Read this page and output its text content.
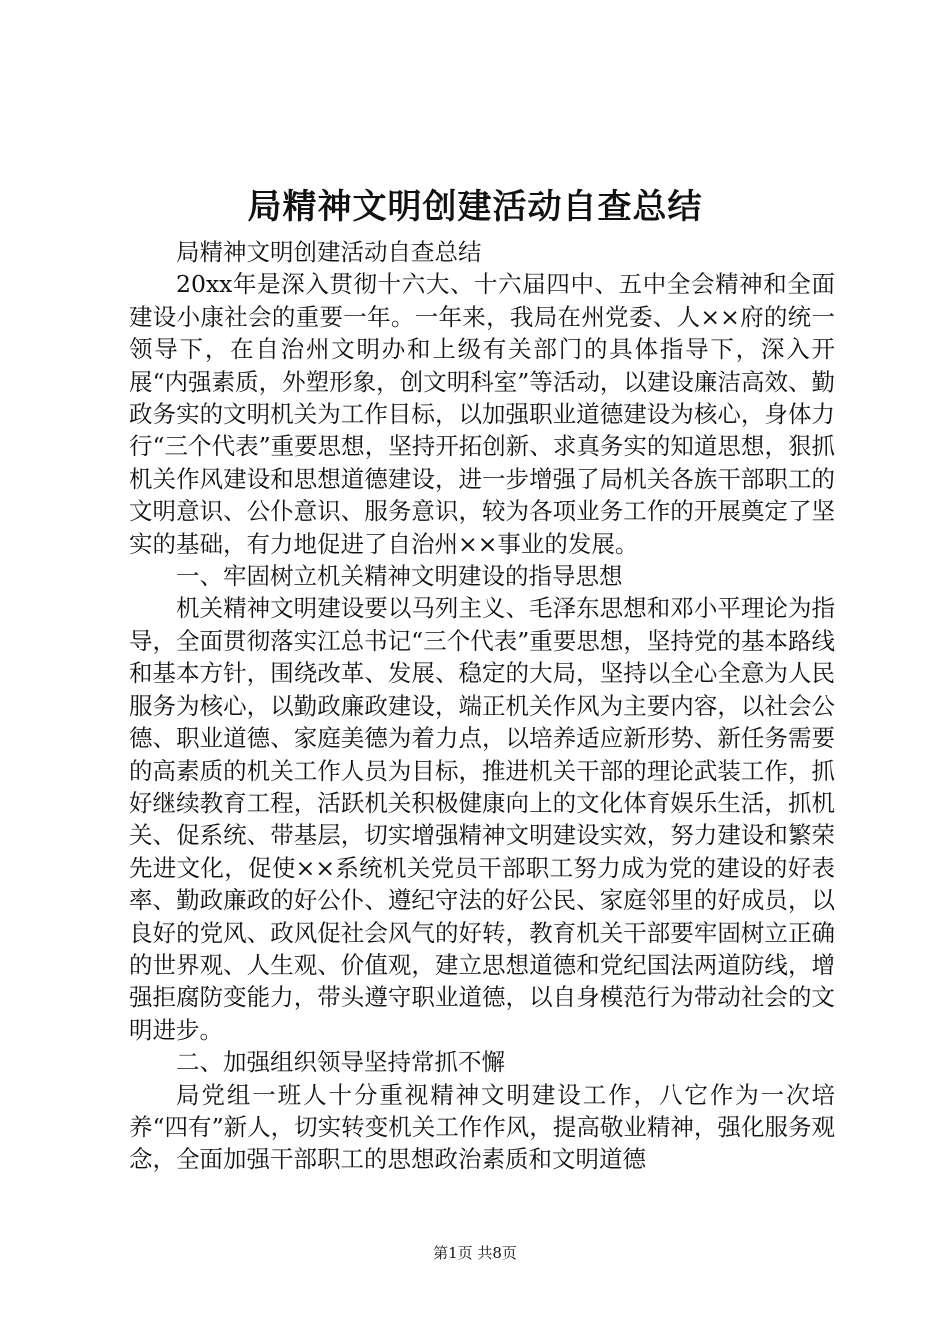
局精神文明创建活动自查总结

局精神文明创建活动自查总结

20xx年是深入贯彻十六大、十六届四中、五中全会精神和全面建设小康社会的重要一年。一年来，我局在州党委、人××府的统一领导下，在自治州文明办和上级有关部门的具体指导下，深入开展“内强素质，外塑形象，创文明科室”等活动，以建设廉洁高效、勤政务实的文明机关为工作目标，以加强职业道德建设为核心，身体力行“三个代表”重要思想，坚持开拓创新、求真务实的知道思想，狠抓机关作风建设和思想道德建设，进一步增强了局机关各族干部职工的文明意识、公仆意识、服务意识，较为各项业务工作的开展奠定了坚实的基础，有力地促进了自治州××事业的发展。

一、牢固树立机关精神文明建设的指导思想

机关精神文明建设要以马列主义、毛泽东思想和邓小平理论为指导，全面贯彻落实江总书记“三个代表”重要思想，坚持党的基本路线和基本方针，围绕改革、发展、稳定的大局，坚持以全心全意为人民服务为核心，以勤政廉政建设，端正机关作风为主要内容，以社会公德、职业道德、家庭美德为着力点，以培养适应新形势、新任务需要的高素质的机关工作人员为目标，推进机关干部的理论武装工作，抓好继续教育工程，活跃机关积极健康向上的文化体育娱乐生活，抓机关、促系统、带基层，切实增强精神文明建设实效，努力建设和繁荣先进文化，促使××系统机关党员干部职工努力成为党的建设的好表率、勤政廉政的好公仆、遵纪守法的好公民、家庭邻里的好成员，以良好的党风、政风促社会风气的好转，教育机关干部要牢固树立正确的世界观、人生观、价值观，建立思想道德和党纪国法两道防线，增强拒腐防变能力，带头遵守职业道德，以自身模范行为带动社会的文明进步。

二、加强组织领导坚持常抓不懈

局党组一班人十分重视精神文明建设工作，八它作为一次培养“四有”新人，切实转变机关工作作风，提高敬业精神，强化服务观念，全面加强干部职工的思想政治素质和文明道德

第1页 共8页
